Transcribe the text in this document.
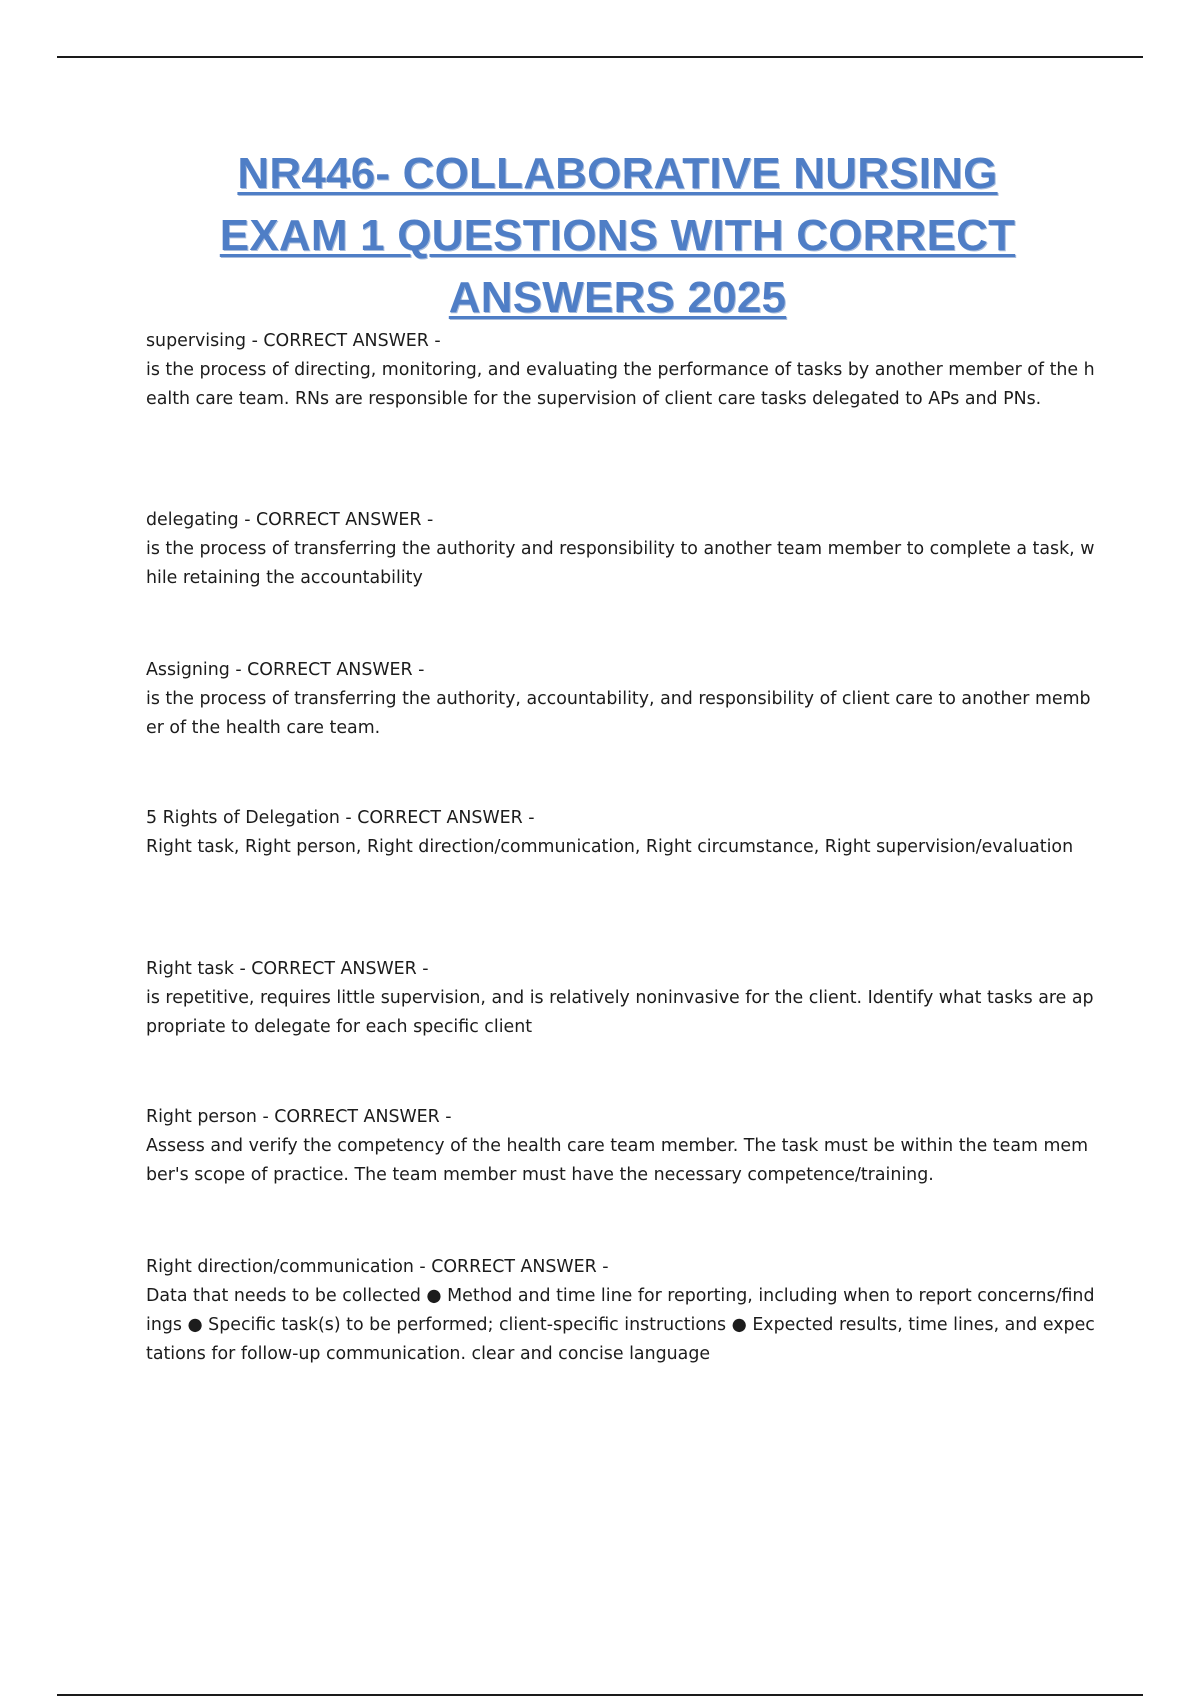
NR446- COLLABORATIVE NURSING
EXAM 1 QUESTIONS WITH CORRECT
ANSWERS 2025

supervising - CORRECT ANSWER -

is the process of directing, monitoring, and evaluating the performance of tasks by another member of the health care team. RNs are responsible for the supervision of client care tasks delegated to APs and PNs.

delegating - CORRECT ANSWER -

is the process of transferring the authority and responsibility to another team member to complete a task, while retaining the accountability

Assigning - CORRECT ANSWER -

is the process of transferring the authority, accountability, and responsibility of client care to another member of the health care team.

5 Rights of Delegation - CORRECT ANSWER -

Right task, Right person, Right direction/communication, Right circumstance, Right supervision/evaluation

Right task - CORRECT ANSWER -

is repetitive, requires little supervision, and is relatively noninvasive for the client. Identify what tasks are appropriate to delegate for each specific client

Right person - CORRECT ANSWER -

Assess and verify the competency of the health care team member. The task must be within the team member's scope of practice. The team member must have the necessary competence/training.

Right direction/communication - CORRECT ANSWER -

Data that needs to be collected ● Method and time line for reporting, including when to report concerns/findings ● Specific task(s) to be performed; client-specific instructions ● Expected results, time lines, and expectations for follow-up communication. clear and concise language
